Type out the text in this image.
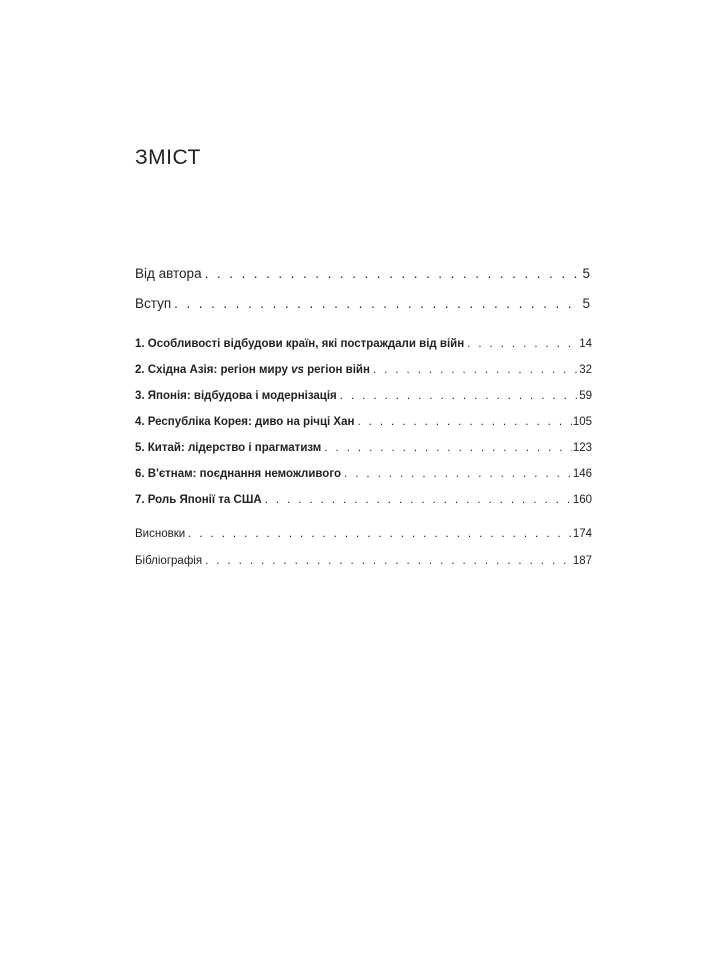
ЗМІСТ
Від автора . . .	5
Вступ . . .	5
1. Особливості відбудови країн, які постраждали від війн . . .	14
2. Східна Азія: регіон миру vs регіон війн . . .	32
3. Японія: відбудова і модернізація . . .	59
4. Республіка Корея: диво на річці Хан . . .	105
5. Китай: лідерство і прагматизм . . .	123
6. В'єтнам: поєднання неможливого . . .	146
7. Роль Японії та США . . .	160
Висновки . . .	174
Бібліографія . . .	187
